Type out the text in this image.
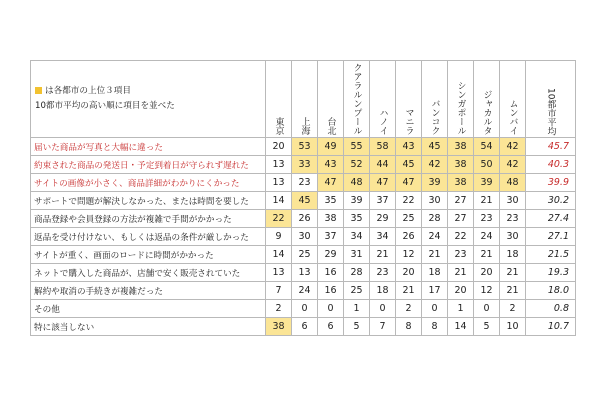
は各都市の上位３項目
10都市平均の高い順に項目を並べた	東京	上海	台北	クアラルンプール	ハノイ	マニラ	バンコク	シンガポール	ジャカルタ	ムンバイ	10都市平均

届いた商品が写真と大幅に違った	20	53	49	55	58	43	45	38	54	42	45.7
約束された商品の発送日・予定到着日が守られず遅れた	13	33	43	52	44	45	42	38	50	42	40.3
サイトの画像が小さく、商品詳細がわかりにくかった	13	23	47	48	47	47	39	38	39	48	39.9
サポートで問題が解決しなかった、または時間を要した	14	45	35	39	37	22	30	27	21	30	30.2
商品登録や会員登録の方法が複雑で手間がかかった	22	26	38	35	29	25	28	27	23	23	27.4
返品を受け付けない、もしくは返品の条件が厳しかった	9	30	37	34	34	26	24	22	24	30	27.1
サイトが重く、画面のロードに時間がかかった	14	25	29	31	21	12	21	23	21	18	21.5
ネットで購入した商品が、店舗で安く販売されていた	13	13	16	28	23	20	18	21	20	21	19.3
解約や取消の手続きが複雑だった	7	24	16	25	18	21	17	20	12	21	18.0
その他	2	0	0	1	0	2	0	1	0	2	0.8
特に該当しない	38	6	6	5	7	8	8	14	5	10	10.7
